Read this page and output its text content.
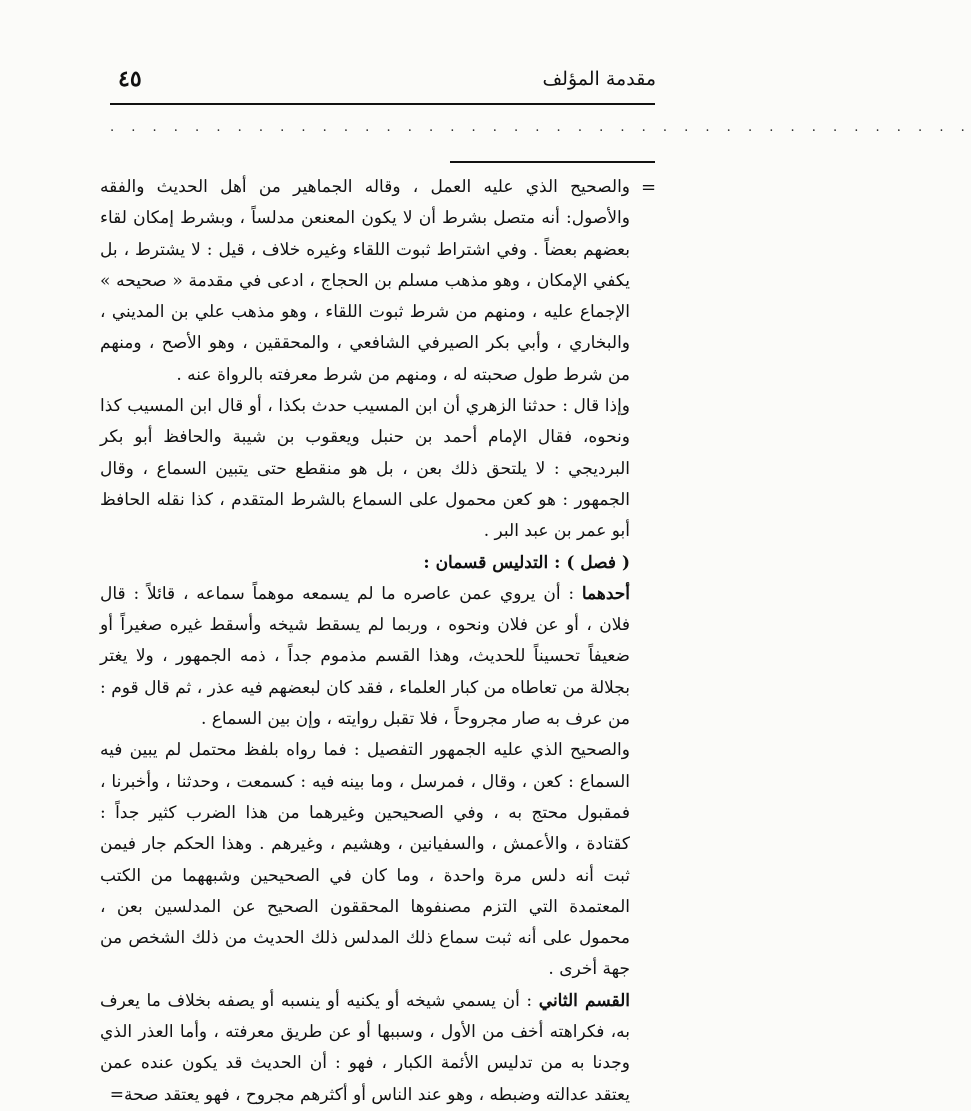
٤٥	مقدمة المؤلف
. . . . . . . . . . . . . . . . . . . . . . . . . . . . . . . . . . . . . . . . .
=

والصحيح الذي عليه العمل ، وقاله الجماهير من أهل الحديث والفقه والأصول: أنه متصل بشرط أن لا يكون المعنعن مدلساً ، وبشرط إمكان لقاء بعضهم بعضاً . وفي اشتراط ثبوت اللقاء وغيره خلاف ، قيل : لا يشترط ، بل يكفي الإمكان ، وهو مذهب مسلم بن الحجاج ، ادعى في مقدمة « صحيحه » الإجماع عليه ، ومنهم من شرط ثبوت اللقاء ، وهو مذهب علي بن المديني ، والبخاري ، وأبي بكر الصيرفي الشافعي ، والمحققين ، وهو الأصح ، ومنهم من شرط طول صحبته له ، ومنهم من شرط معرفته بالرواة عنه .

وإذا قال : حدثنا الزهري أن ابن المسيب حدث بكذا ، أو قال ابن المسيب كذا ونحوه، فقال الإمام أحمد بن حنبل ويعقوب بن شيبة والحافظ أبو بكر البرديجي : لا يلتحق ذلك بعن ، بل هو منقطع حتى يتبين السماع ، وقال الجمهور : هو كعن محمول على السماع بالشرط المتقدم ، كذا نقله الحافظ أبو عمر بن عبد البر .

( فصل ) : التدليس قسمان :

أحدهما : أن يروي عمن عاصره ما لم يسمعه موهماً سماعه ، قائلاً : قال فلان ، أو عن فلان ونحوه ، وربما لم يسقط شيخه وأسقط غيره صغيراً أو ضعيفاً تحسيناً للحديث، وهذا القسم مذموم جداً ، ذمه الجمهور ، ولا يغتر بجلالة من تعاطاه من كبار العلماء ، فقد كان لبعضهم فيه عذر ، ثم قال قوم : من عرف به صار مجروحاً ، فلا تقبل روايته ، وإن بين السماع .

والصحيح الذي عليه الجمهور التفصيل : فما رواه بلفظ محتمل لم يبين فيه السماع : كعن ، وقال ، فمرسل ، وما بينه فيه : كسمعت ، وحدثنا ، وأخبرنا ، فمقبول محتج به ، وفي الصحيحين وغيرهما من هذا الضرب كثير جداً : كقتادة ، والأعمش ، والسفيانين ، وهشيم ، وغيرهم . وهذا الحكم جار فيمن ثبت أنه دلس مرة واحدة ، وما كان في الصحيحين وشبههما من الكتب المعتمدة التي التزم مصنفوها المحققون الصحيح عن المدلسين بعن ، محمول على أنه ثبت سماع ذلك المدلس ذلك الحديث من ذلك الشخص من جهة أخرى .

القسم الثاني : أن يسمي شيخه أو يكنيه أو ينسبه أو يصفه بخلاف ما يعرف به، فكراهته أخف من الأول ، وسببها أو عن طريق معرفته ، وأما العذر الذي وجدنا به من تدليس الأئمة الكبار ، فهو : أن الحديث قد يكون عنده عمن يعتقد عدالته وضبطه ، وهو عند الناس أو أكثرهم مجروح ، فهو يعتقد صحة=
